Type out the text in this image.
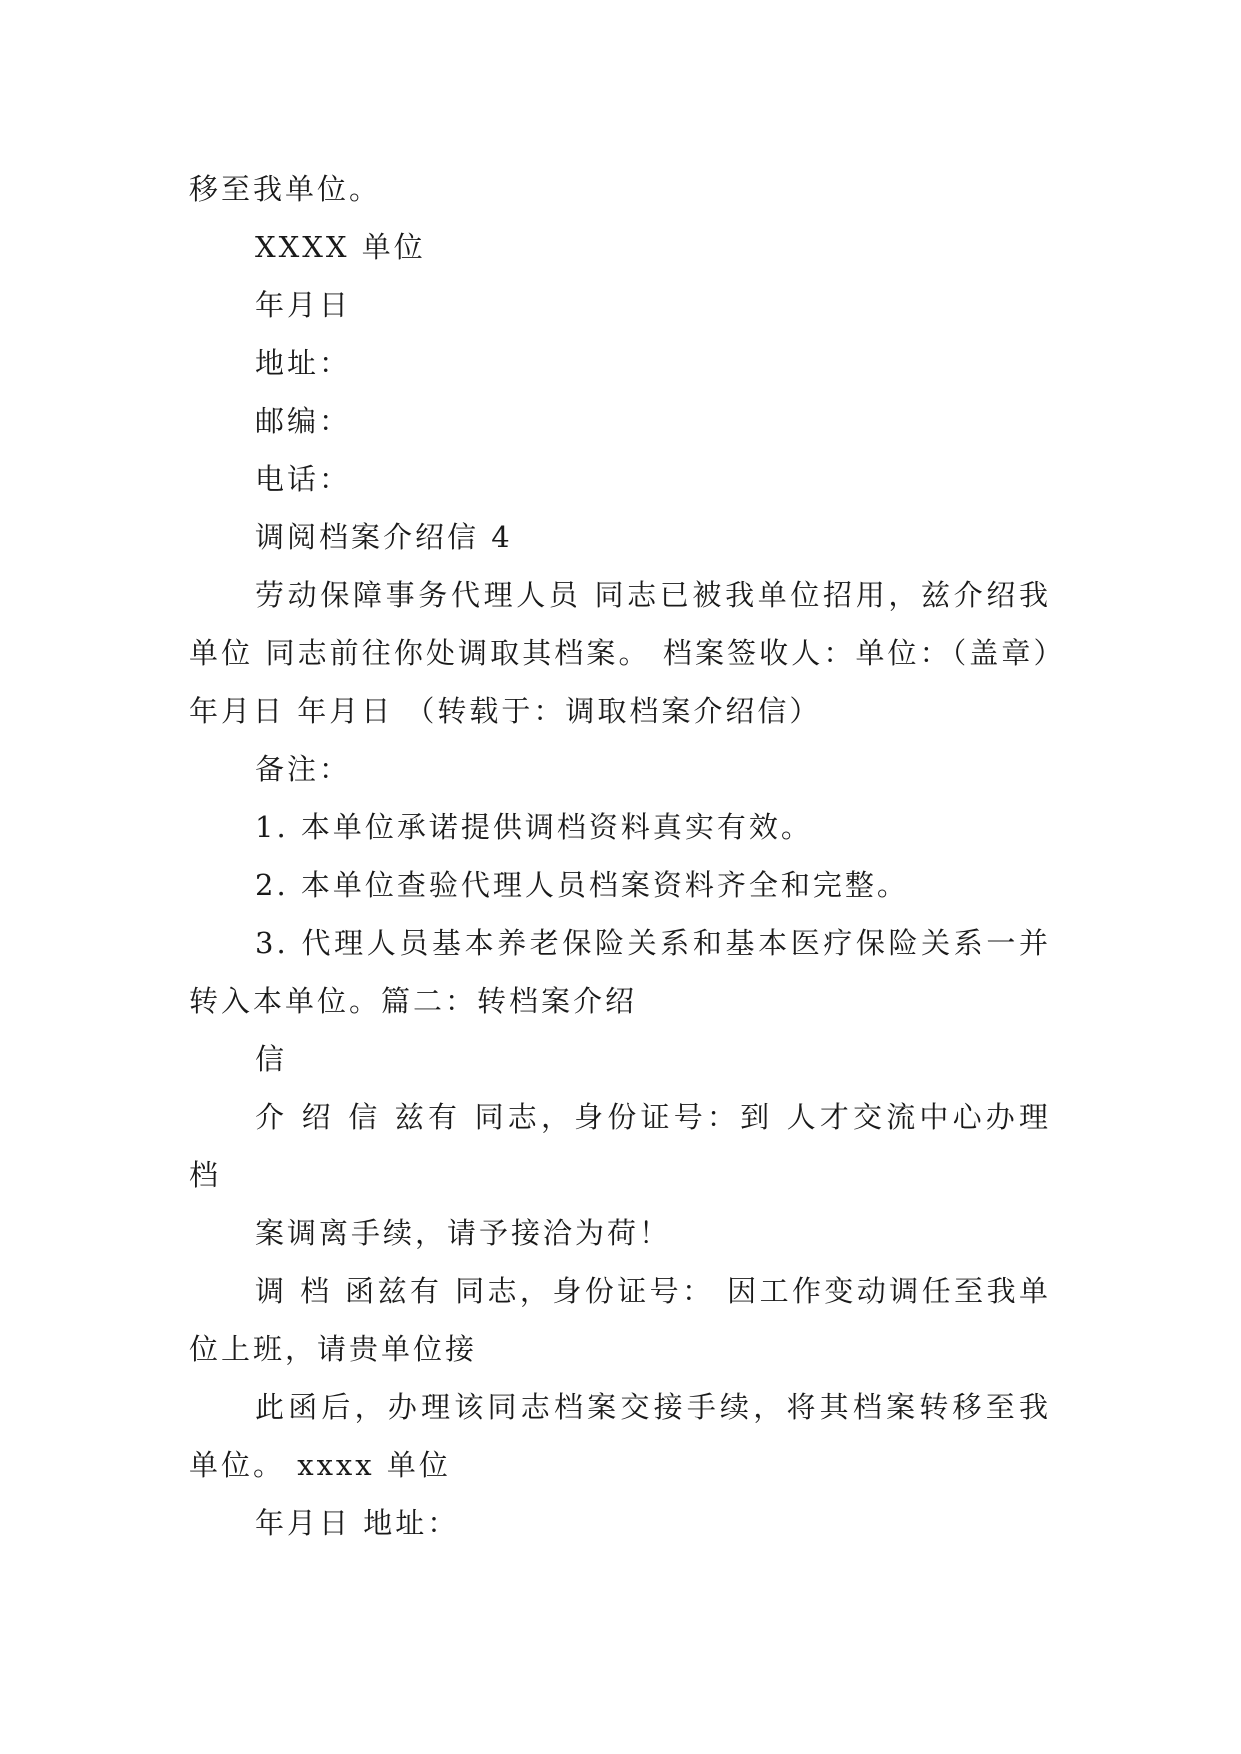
移至我单位。

XXXX 单位

年月日

地址：

邮编：

电话：

调阅档案介绍信 4

劳动保障事务代理人员 同志已被我单位招用，兹介绍我单位 同志前往你处调取其档案。 档案签收人：单位：（盖章）年月日 年月日 （转载于：调取档案介绍信）

备注：

1. 本单位承诺提供调档资料真实有效。

2. 本单位查验代理人员档案资料齐全和完整。

3. 代理人员基本养老保险关系和基本医疗保险关系一并转入本单位。篇二：转档案介绍

信

介 绍 信 兹有 同志，身份证号：到 人才交流中心办理档

案调离手续，请予接洽为荷！

调 档 函兹有 同志，身份证号： 因工作变动调任至我单位上班，请贵单位接

此函后，办理该同志档案交接手续，将其档案转移至我单位。 xxxx 单位

年月日 地址：
